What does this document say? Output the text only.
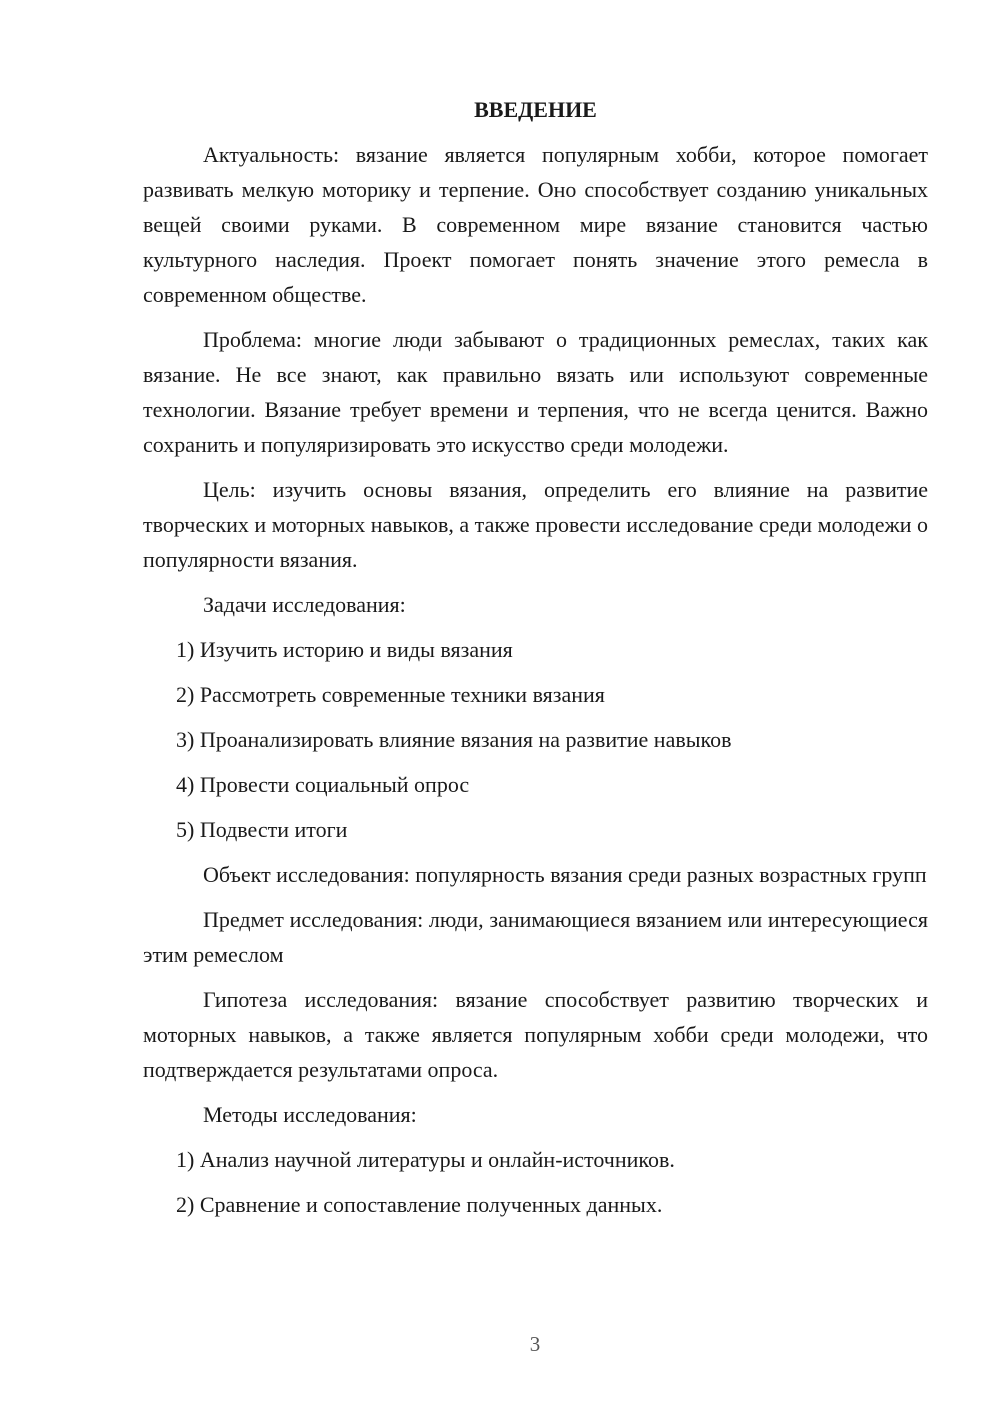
ВВЕДЕНИЕ

Актуальность: вязание является популярным хобби, которое помогает развивать мелкую моторику и терпение. Оно способствует созданию уникальных вещей своими руками. В современном мире вязание становится частью культурного наследия. Проект помогает понять значение этого ремесла в современном обществе.

Проблема: многие люди забывают о традиционных ремеслах, таких как вязание. Не все знают, как правильно вязать или используют современные технологии. Вязание требует времени и терпения, что не всегда ценится. Важно сохранить и популяризировать это искусство среди молодежи.

Цель: изучить основы вязания, определить его влияние на развитие творческих и моторных навыков, а также провести исследование среди молодежи о популярности вязания.

Задачи исследования:

1) Изучить историю и виды вязания

2) Рассмотреть современные техники вязания

3) Проанализировать влияние вязания на развитие навыков

4) Провести социальный опрос

5) Подвести итоги

Объект исследования: популярность вязания среди разных возрастных групп

Предмет исследования: люди, занимающиеся вязанием или интересующиеся этим ремеслом

Гипотеза исследования: вязание способствует развитию творческих и моторных навыков, а также является популярным хобби среди молодежи, что подтверждается результатами опроса.

Методы исследования:

1) Анализ научной литературы и онлайн-источников.

2) Сравнение и сопоставление полученных данных.

3
